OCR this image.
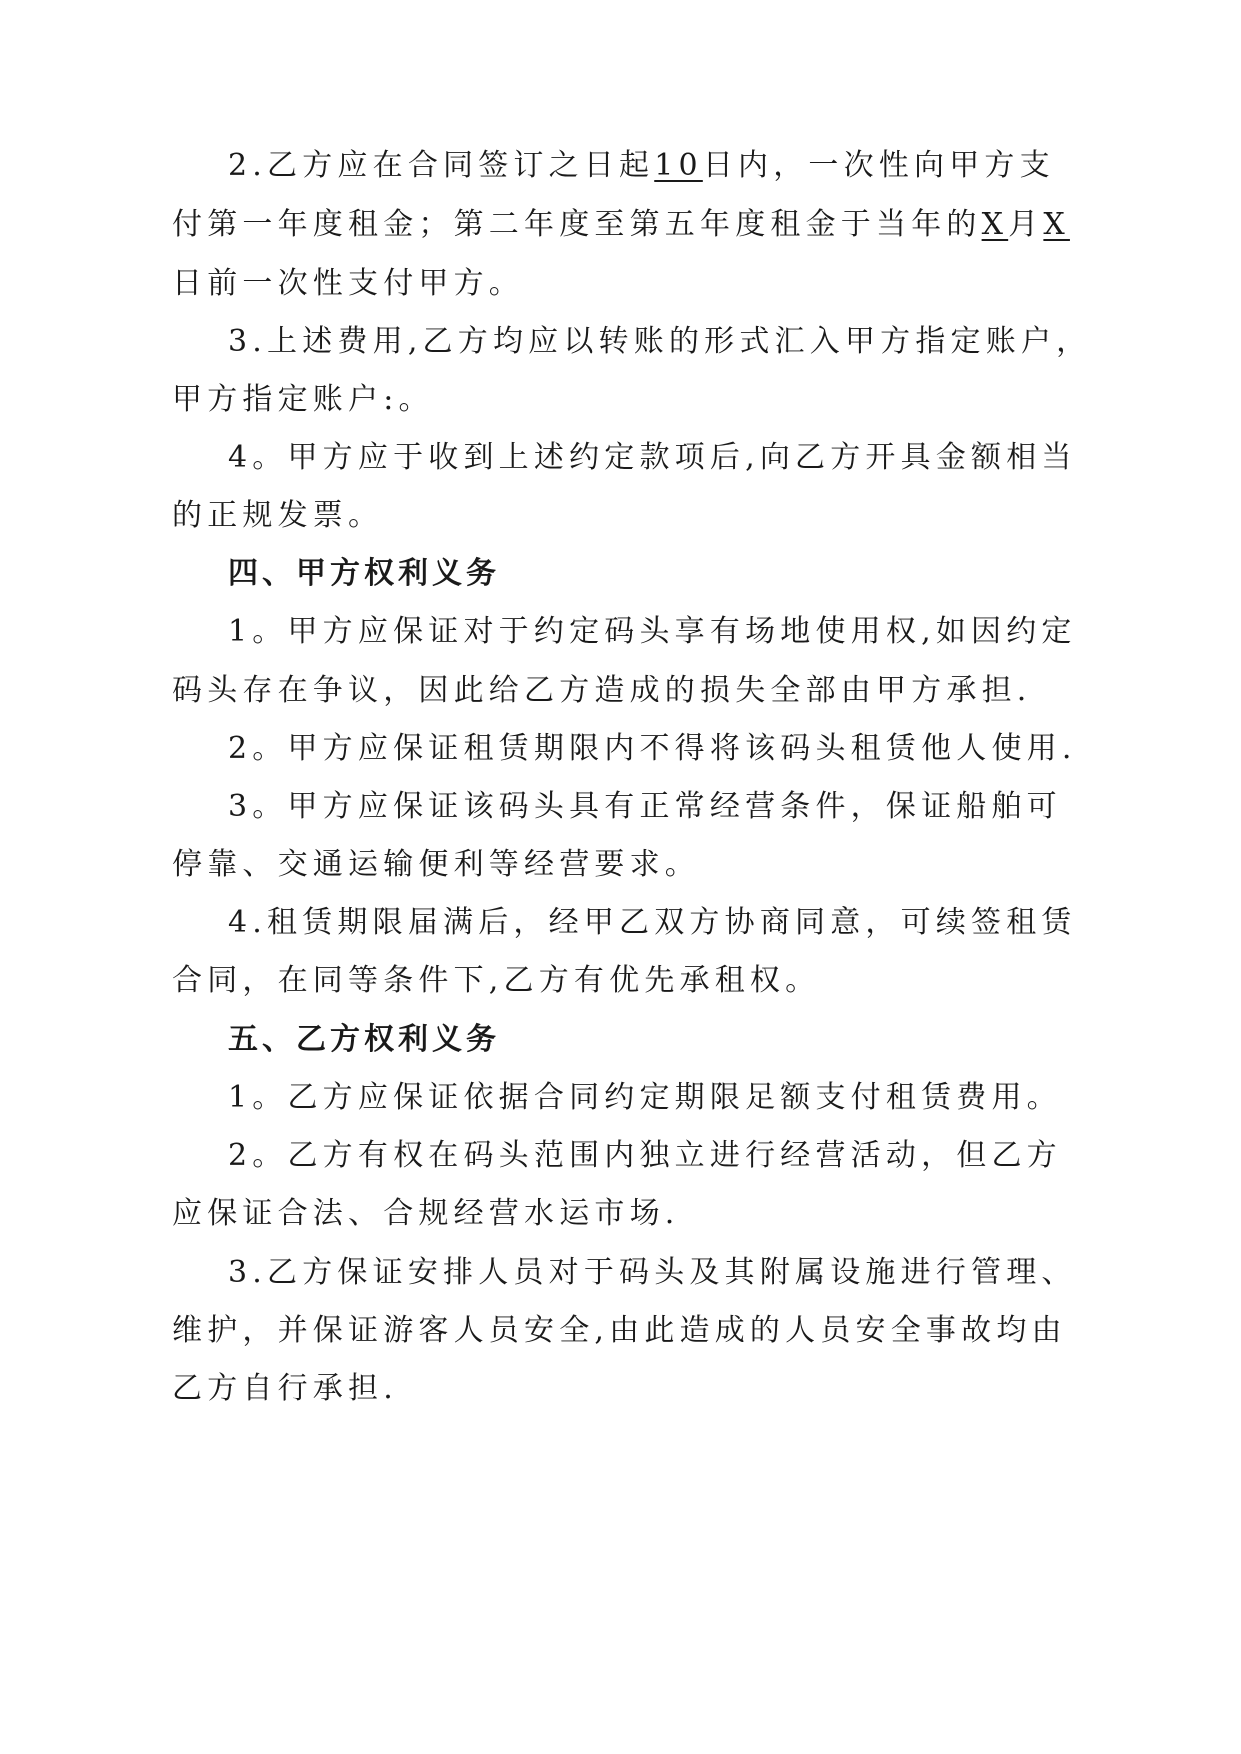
2.乙方应在合同签订之日起10日内，一次性向甲方支
付第一年度租金；第二年度至第五年度租金于当年的X月X
日前一次性支付甲方。
3.上述费用,乙方均应以转账的形式汇入甲方指定账户，
甲方指定账户:。
4。甲方应于收到上述约定款项后,向乙方开具金额相当
的正规发票。
四、甲方权利义务
1。甲方应保证对于约定码头享有场地使用权,如因约定
码头存在争议，因此给乙方造成的损失全部由甲方承担.
2。甲方应保证租赁期限内不得将该码头租赁他人使用.
3。甲方应保证该码头具有正常经营条件，保证船舶可
停靠、交通运输便利等经营要求。
4.租赁期限届满后，经甲乙双方协商同意，可续签租赁
合同，在同等条件下,乙方有优先承租权。
五、乙方权利义务
1。乙方应保证依据合同约定期限足额支付租赁费用。
2。乙方有权在码头范围内独立进行经营活动，但乙方
应保证合法、合规经营水运市场.
3.乙方保证安排人员对于码头及其附属设施进行管理、
维护，并保证游客人员安全,由此造成的人员安全事故均由
乙方自行承担.
